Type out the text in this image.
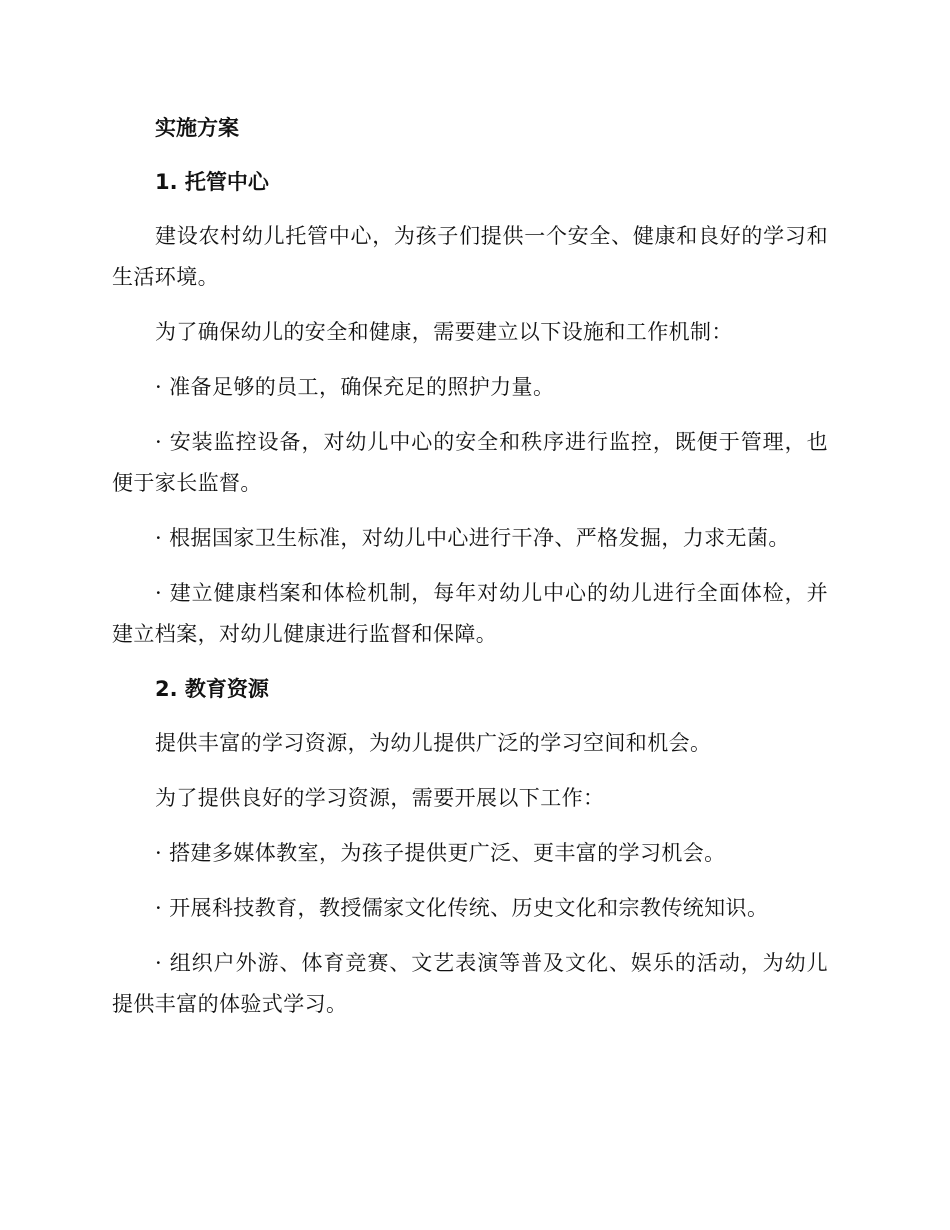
实施方案
1. 托管中心
建设农村幼儿托管中心，为孩子们提供一个安全、健康和良好的学习和生活环境。
为了确保幼儿的安全和健康，需要建立以下设施和工作机制：
· 准备足够的员工，确保充足的照护力量。
· 安装监控设备，对幼儿中心的安全和秩序进行监控，既便于管理，也便于家长监督。
· 根据国家卫生标准，对幼儿中心进行干净、严格发掘，力求无菌。
· 建立健康档案和体检机制，每年对幼儿中心的幼儿进行全面体检，并建立档案，对幼儿健康进行监督和保障。
2. 教育资源
提供丰富的学习资源，为幼儿提供广泛的学习空间和机会。
为了提供良好的学习资源，需要开展以下工作：
· 搭建多媒体教室，为孩子提供更广泛、更丰富的学习机会。
· 开展科技教育，教授儒家文化传统、历史文化和宗教传统知识。
· 组织户外游、体育竞赛、文艺表演等普及文化、娱乐的活动，为幼儿提供丰富的体验式学习。
